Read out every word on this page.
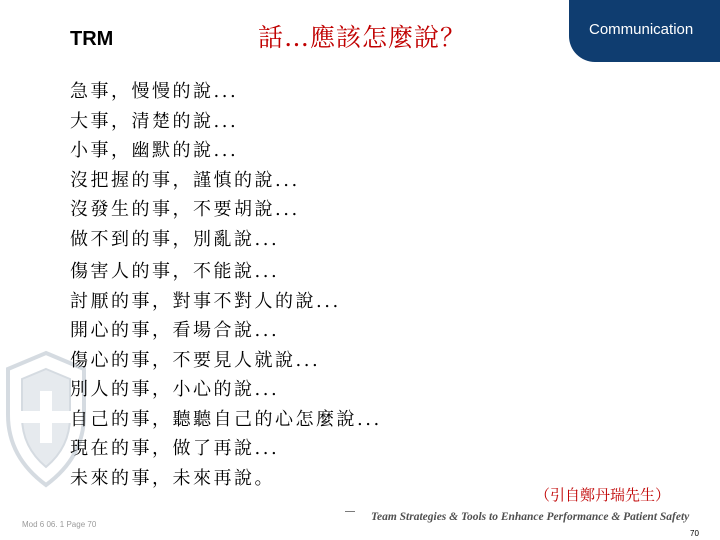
TRM	話…應該怎麼說？	Communication
急事，慢慢的說...
大事，清楚的說...
小事，幽默的說...
沒把握的事，謹慎的說...
沒發生的事，不要胡說...
做不到的事，別亂說...
傷害人的事，不能說...
討厭的事，對事不對人的說...
開心的事，看場合說...
傷心的事，不要見人就說...
別人的事，小心的說...
自己的事，聽聽自己的心怎麼說...
現在的事，做了再說...
未來的事，未來再說。
（引自鄭丹瑞先生）
Mod 6 06. 1 Page 70
Team Strategies & Tools to Enhance Performance & Patient Safety
70
